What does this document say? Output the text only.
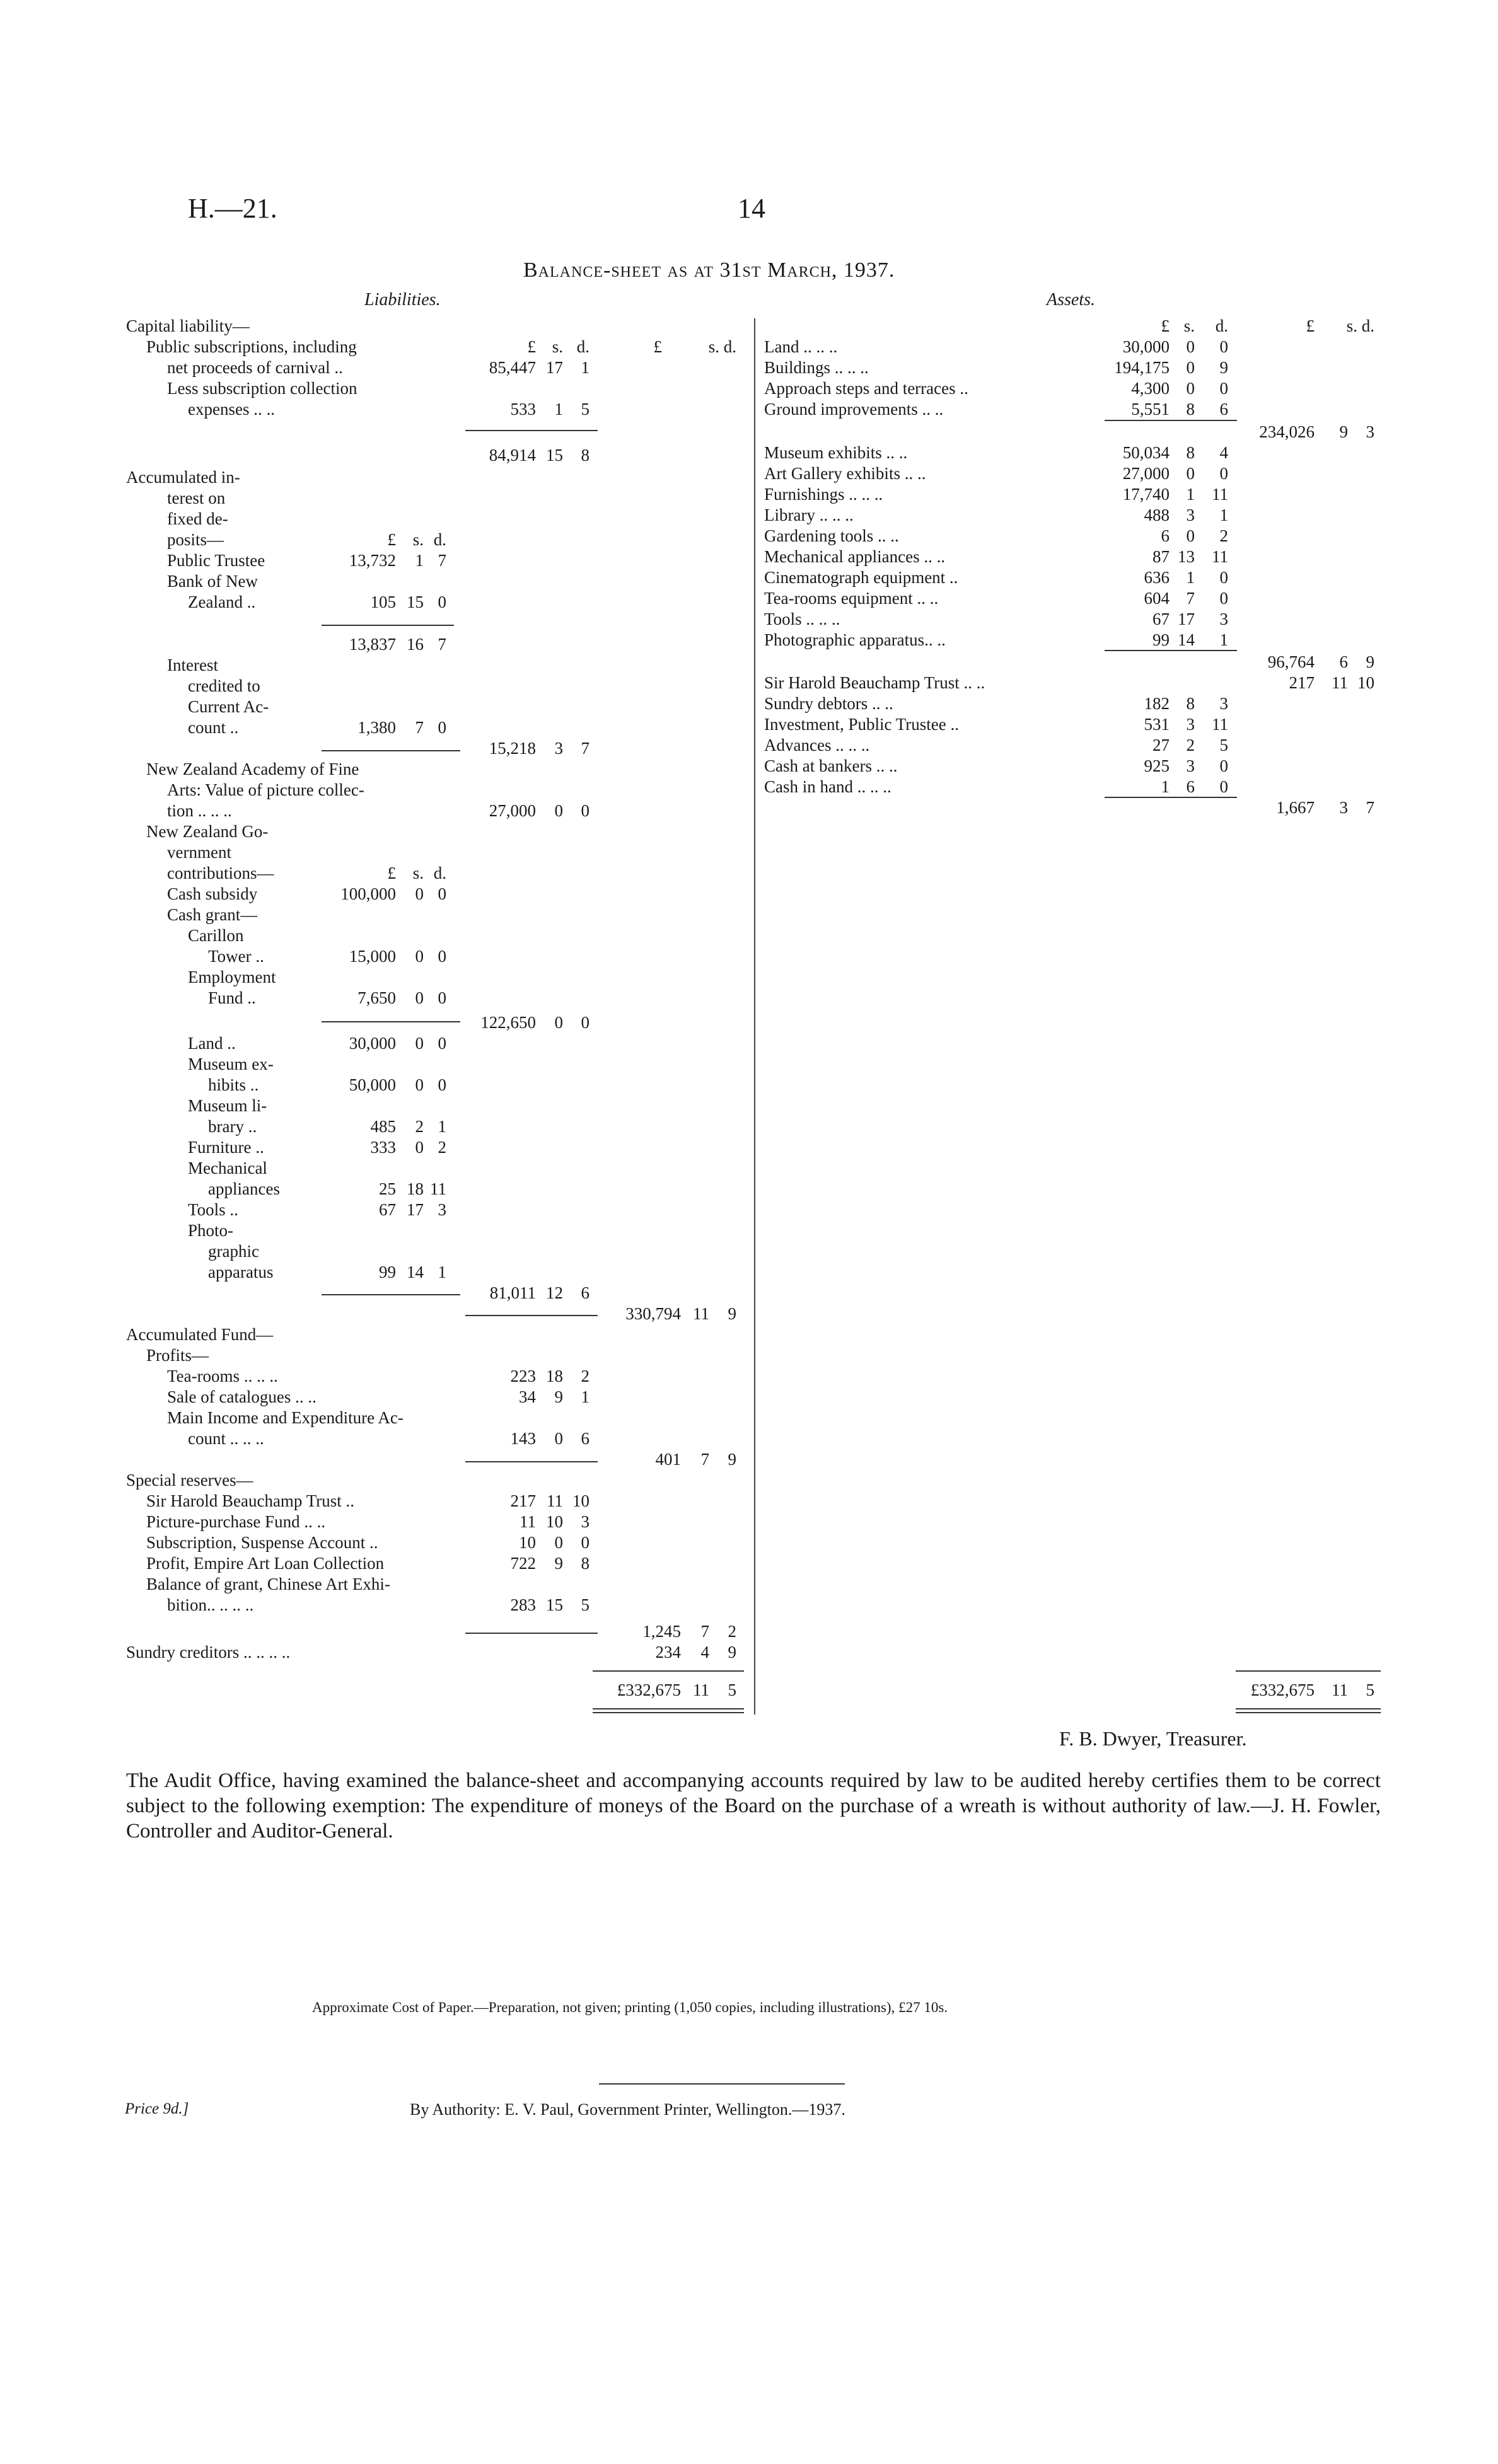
H.—21.	14
Balance-sheet as at 31st March, 1937.
Liabilities.	Assets.
Capital liability—
Public subscriptions, including	£ s. d.	£	s. d.
net proceeds of carnival ..	85,447 17	1
Less subscription collection
expenses .. ..	533	1	5
84,914 15	8
Accumulated in-
terest on
fixed de-
posits—	£ s. d.
Public Trustee	13,732	1 7
Bank of New
Zealand ..	105 15 0
13,837 16 7
Interest
credited to
Current Ac-
count ..	1,380	7 0
15,218	3	7
New Zealand Academy of Fine
Arts: Value of picture collec-
tion .. .. ..	27,000	0	0
New Zealand Go-
vernment
contributions—	£ s. d.
Cash subsidy	100,000	0 0
Cash grant—
Carillon
Tower ..	15,000	0 0
Employment
Fund ..	7,650	0 0
122,650	0	0
Land ..	30,000	0 0
Museum ex-
hibits ..	50,000	0 0
Museum li-
brary ..	485	2 1
Furniture ..	333	0 2
Mechanical
appliances	25 18 11
Tools ..	67 17 3
Photo-
graphic
apparatus	99 14 1
81,011 12	6
330,794 11	9
Accumulated Fund—
Profits—
Tea-rooms .. .. ..	223 18	2
Sale of catalogues .. ..	34	9	1
Main Income and Expenditure Ac-
count .. .. ..	143	0	6
401	7	9
Special reserves—
Sir Harold Beauchamp Trust ..	217 11 10
Picture-purchase Fund .. ..	11 10	3
Subscription, Suspense Account ..	10	0	0
Profit, Empire Art Loan Collection	722	9	8
Balance of grant, Chinese Art Exhi-
bition.. .. .. ..	283 15	5
1,245	7	2
Sundry creditors .. .. .. ..	234	4	9
£332,675 11	5
£ s.	d.	£	s. d.
Land .. .. ..	30,000 0	0
Buildings .. .. ..	194,175 0	9
Approach steps and terraces ..	4,300 0	0
Ground improvements .. ..	5,551 8	6
234,026	9	3
Museum exhibits .. ..	50,034 8	4
Art Gallery exhibits .. ..	27,000 0	0
Furnishings .. .. ..	17,740 1	11
Library .. .. ..	488 3	1
Gardening tools .. ..	6 0	2
Mechanical appliances .. ..	87 13	11
Cinematograph equipment ..	636 1	0
Tea-rooms equipment .. ..	604 7	0
Tools .. .. ..	67 17	3
Photographic apparatus.. ..	99 14	1
96,764	6	9
Sir Harold Beauchamp Trust .. ..	217	11 10
Sundry debtors .. ..	182 8	3
Investment, Public Trustee ..	531 3	11
Advances .. .. ..	27 2	5
Cash at bankers .. ..	925 3	0
Cash in hand .. .. ..	1 6	0
1,667	3	7
£332,675	11	5
F. B. Dwyer, Treasurer.
The Audit Office, having examined the balance-sheet and accompanying accounts required by law to be audited hereby certifies them to be correct subject to the following exemption: The expenditure of moneys of the Board on the purchase of a wreath is without authority of law.—J. H. Fowler, Controller and Auditor-General.
Approximate Cost of Paper.—Preparation, not given; printing (1,050 copies, including illustrations), £27 10s.
Price 9d.]	By Authority: E. V. Paul, Government Printer, Wellington.—1937.
